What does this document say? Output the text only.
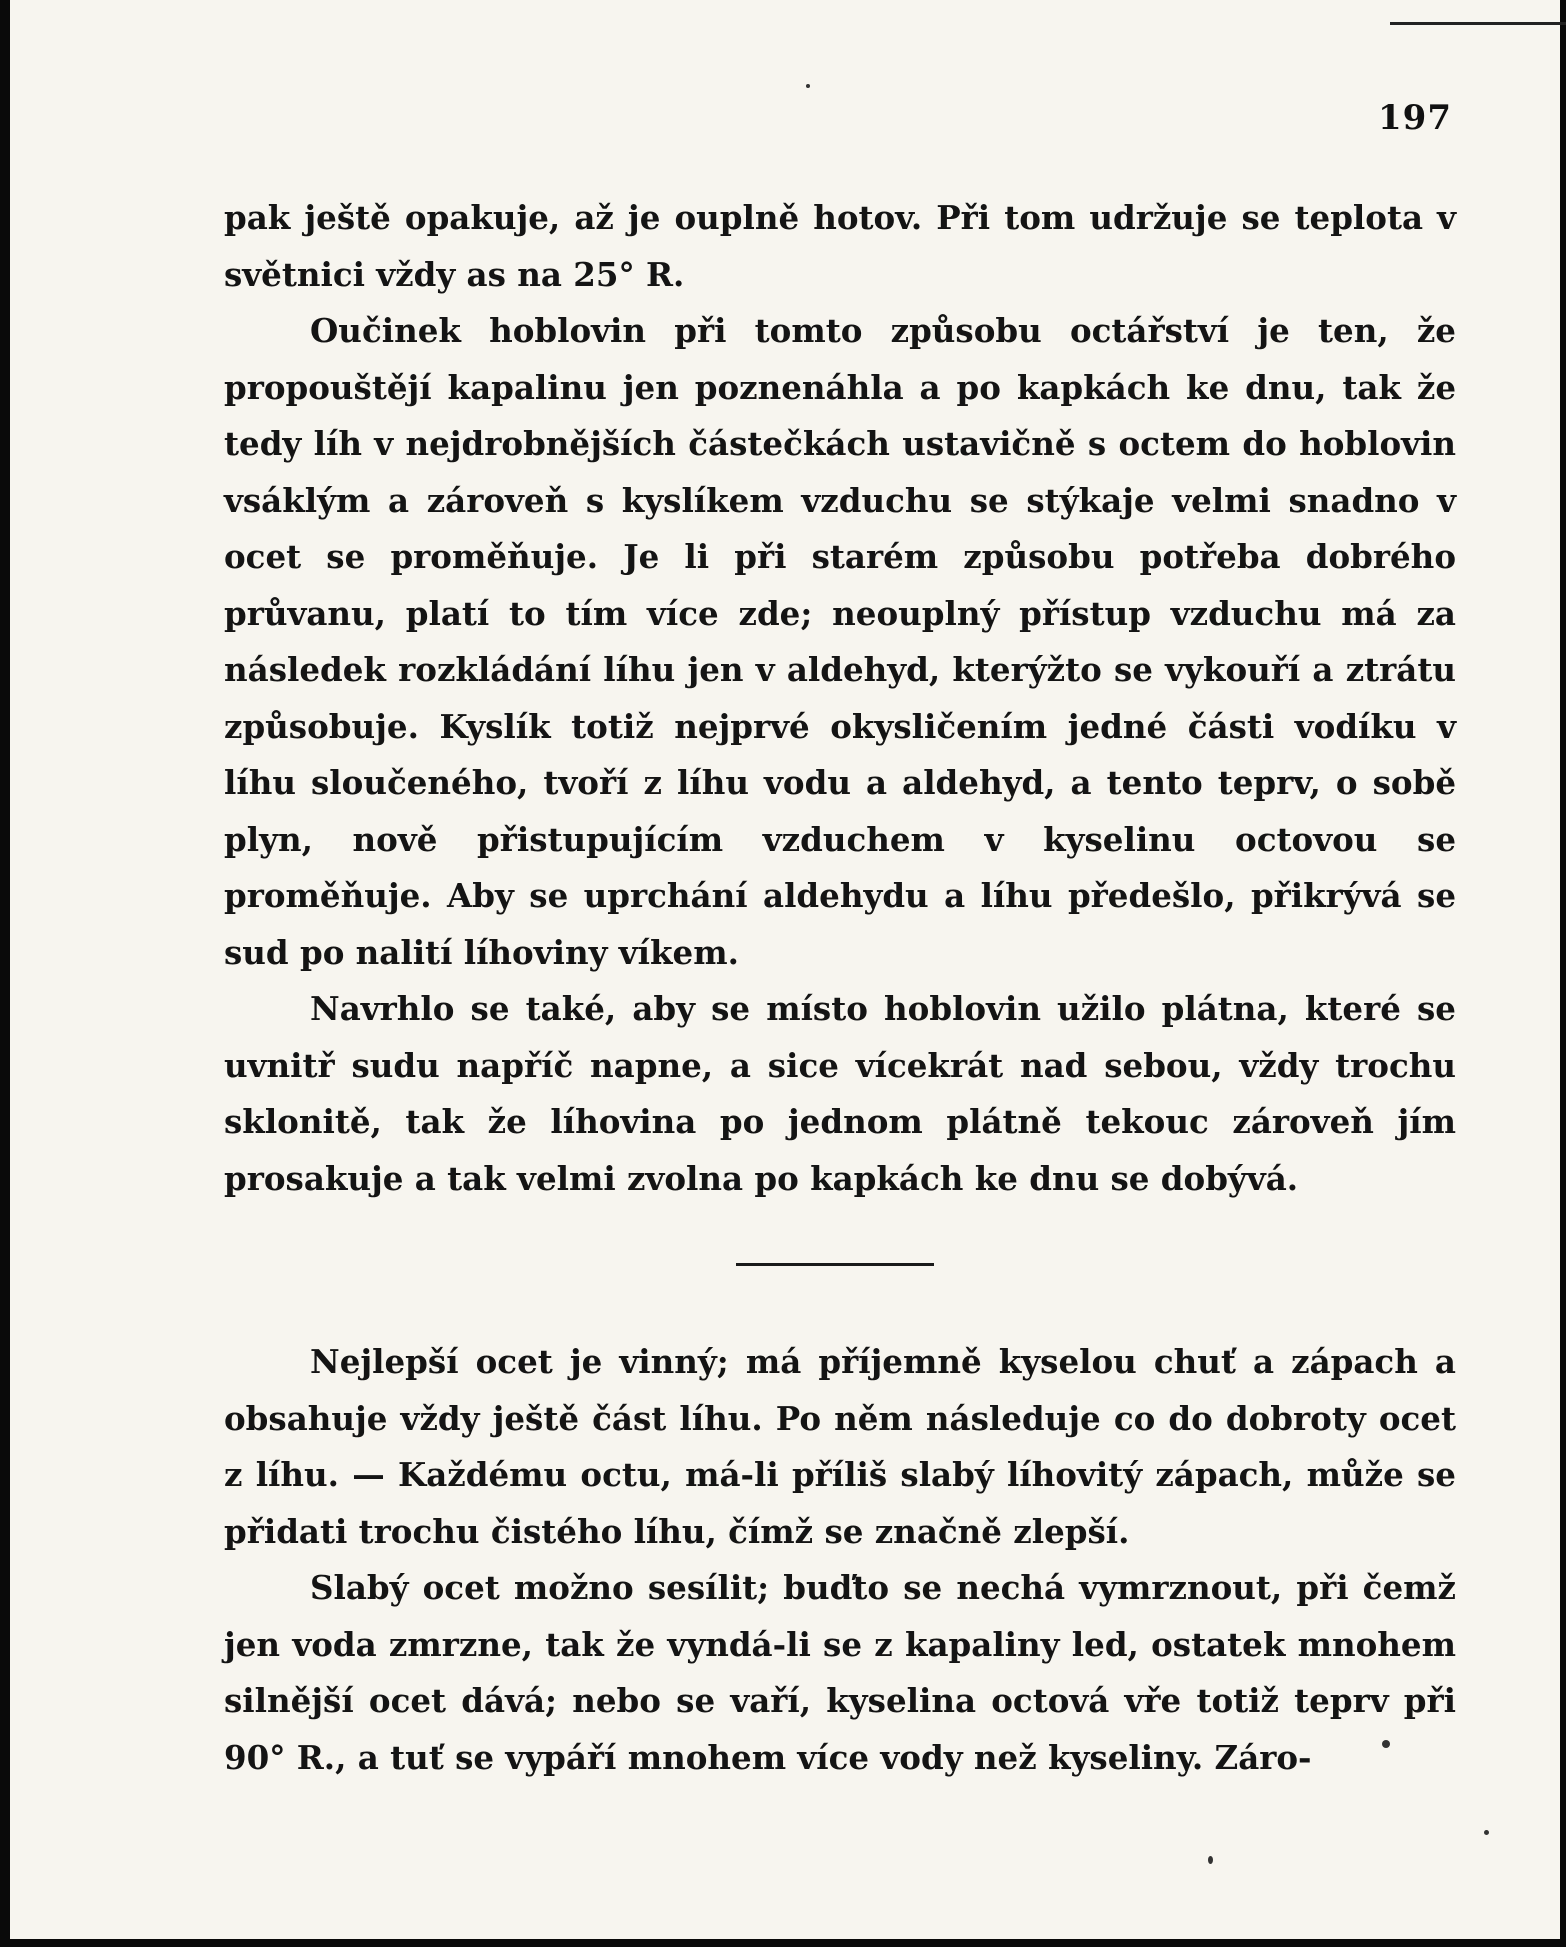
197

pak ještě opakuje, až je ouplně hotov. Při tom udržuje se teplota v světnici vždy as na 25° R.

Oučinek hoblovin při tomto způsobu octářství je ten, že propouštějí kapalinu jen poznenáhla a po kapkách ke dnu, tak že tedy líh v nejdrobnějších částečkách ustavičně s octem do hoblovin vsáklým a zároveň s kyslíkem vzduchu se stýkaje velmi snadno v ocet se proměňuje. Je li při starém způsobu potřeba dobrého průvanu, platí to tím více zde; neouplný přístup vzduchu má za následek rozkládání líhu jen v aldehyd, kterýžto se vykouří a ztrátu způsobuje. Kyslík totiž nejprvé okysličením jedné části vodíku v líhu sloučeného, tvoří z líhu vodu a aldehyd, a tento teprv, o sobě plyn, nově přistupujícím vzduchem v kyselinu octovou se proměňuje. Aby se uprchání aldehydu a líhu předešlo, přikrývá se sud po nalití líhoviny víkem.

Navrhlo se také, aby se místo hoblovin užilo plátna, které se uvnitř sudu napříč napne, a sice vícekrát nad sebou, vždy trochu sklonitě, tak že líhovina po jednom plátně tekouc zároveň jím prosakuje a tak velmi zvolna po kapkách ke dnu se dobývá.

Nejlepší ocet je vinný; má příjemně kyselou chuť a zápach a obsahuje vždy ještě část líhu. Po něm následuje co do dobroty ocet z líhu. — Každému octu, má-li příliš slabý líhovitý zápach, může se přidati trochu čistého líhu, čímž se značně zlepší.

Slabý ocet možno sesílit; buďto se nechá vymrznout, při čemž jen voda zmrzne, tak že vyndá-li se z kapaliny led, ostatek mnohem silnější ocet dává; nebo se vaří, kyselina octová vře totiž teprv při 90° R., a tuť se vypáří mnohem více vody než kyseliny. Záro-
